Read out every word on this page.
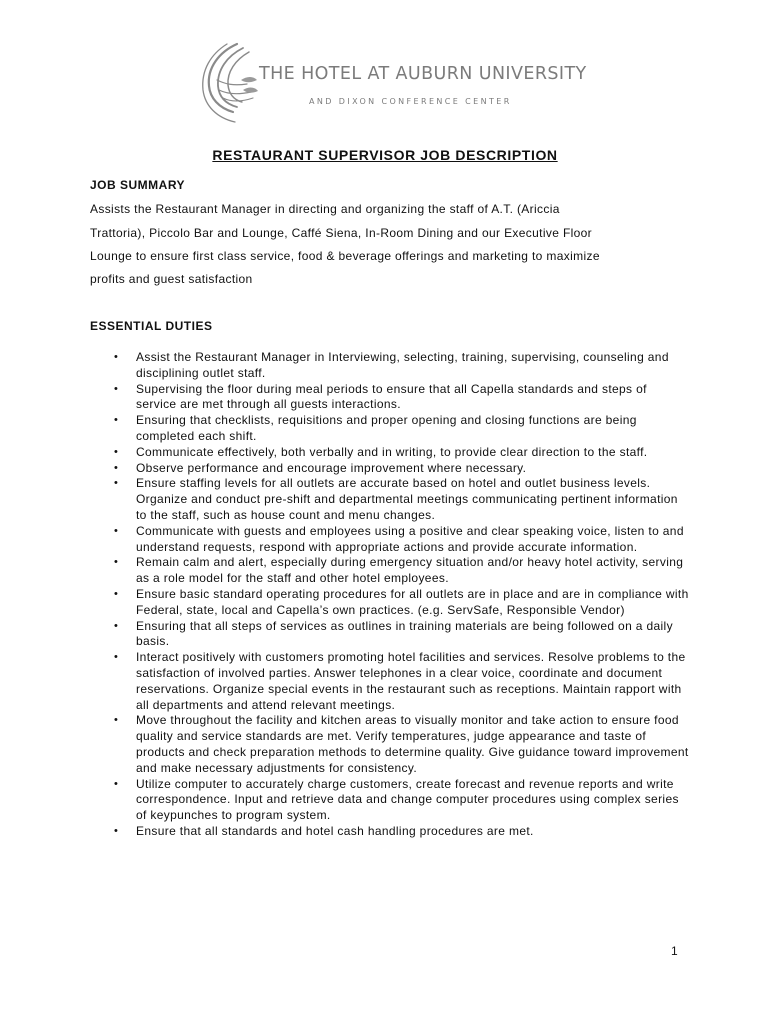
THE HOTEL AT AUBURN UNIVERSITY
AND DIXON CONFERENCE CENTER
RESTAURANT SUPERVISOR JOB DESCRIPTION
JOB SUMMARY
Assists the Restaurant Manager in directing and organizing the staff of A.T. (Ariccia
Trattoria), Piccolo Bar and Lounge, Caffé Siena, In-Room Dining and our Executive Floor
Lounge to ensure first class service, food & beverage offerings and marketing to maximize
profits and guest satisfaction
ESSENTIAL DUTIES
• Assist the Restaurant Manager in Interviewing, selecting, training, supervising, counseling and disciplining outlet staff.
• Supervising the floor during meal periods to ensure that all Capella standards and steps of service are met through all guests interactions.
• Ensuring that checklists, requisitions and proper opening and closing functions are being completed each shift.
• Communicate effectively, both verbally and in writing, to provide clear direction to the staff.
• Observe performance and encourage improvement where necessary.
• Ensure staffing levels for all outlets are accurate based on hotel and outlet business levels. Organize and conduct pre-shift and departmental meetings communicating pertinent information to the staff, such as house count and menu changes.
• Communicate with guests and employees using a positive and clear speaking voice, listen to and understand requests, respond with appropriate actions and provide accurate information.
• Remain calm and alert, especially during emergency situation and/or heavy hotel activity, serving as a role model for the staff and other hotel employees.
• Ensure basic standard operating procedures for all outlets are in place and are in compliance with Federal, state, local and Capella’s own practices. (e.g. ServSafe, Responsible Vendor)
• Ensuring that all steps of services as outlines in training materials are being followed on a daily basis.
• Interact positively with customers promoting hotel facilities and services. Resolve problems to the satisfaction of involved parties. Answer telephones in a clear voice, coordinate and document reservations. Organize special events in the restaurant such as receptions. Maintain rapport with all departments and attend relevant meetings.
• Move throughout the facility and kitchen areas to visually monitor and take action to ensure food quality and service standards are met. Verify temperatures, judge appearance and taste of products and check preparation methods to determine quality. Give guidance toward improvement and make necessary adjustments for consistency.
• Utilize computer to accurately charge customers, create forecast and revenue reports and write correspondence. Input and retrieve data and change computer procedures using complex series of keypunches to program system.
• Ensure that all standards and hotel cash handling procedures are met.
1
